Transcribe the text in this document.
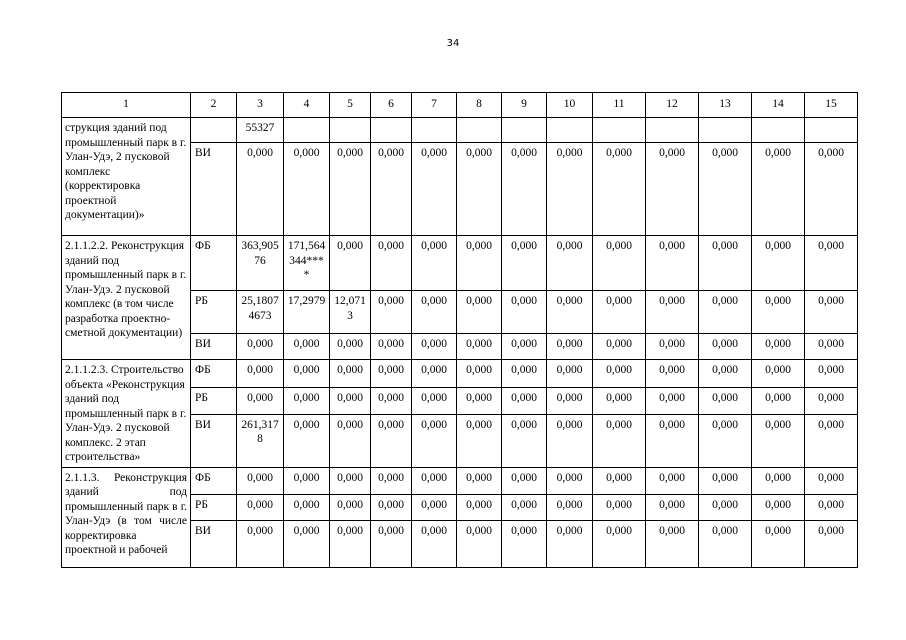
34
1	2	3	4	5	6	7	8	9	10	11	12	13	14	15
струкция зданий под промышленный парк в г. Улан-Удэ, 2 пусковой комплекс (корректировка проектной документации)»		55327												
	ВИ	0,000	0,000	0,000	0,000	0,000	0,000	0,000	0,000	0,000	0,000	0,000	0,000	0,000
2.1.1.2.2. Реконструкция зданий под промышленный парк в г. Улан-Удэ. 2 пусковой комплекс (в том числе разработка проектно-сметной документации)	ФБ	363,90576	171,564344****	0,000	0,000	0,000	0,000	0,000	0,000	0,000	0,000	0,000	0,000	0,000
	РБ	25,18074673	17,2979	12,0713	0,000	0,000	0,000	0,000	0,000	0,000	0,000	0,000	0,000	0,000
	ВИ	0,000	0,000	0,000	0,000	0,000	0,000	0,000	0,000	0,000	0,000	0,000	0,000	0,000
2.1.1.2.3. Строительство объекта «Реконструкция зданий под промышленный парк в г. Улан-Удэ. 2 пусковой комплекс. 2 этап строительства»	ФБ	0,000	0,000	0,000	0,000	0,000	0,000	0,000	0,000	0,000	0,000	0,000	0,000	0,000
	РБ	0,000	0,000	0,000	0,000	0,000	0,000	0,000	0,000	0,000	0,000	0,000	0,000	0,000
	ВИ	261,3178	0,000	0,000	0,000	0,000	0,000	0,000	0,000	0,000	0,000	0,000	0,000	0,000
2.1.1.3. Реконструкция зданий под промышленный парк в г. Улан-Удэ (в том числе корректировка проектной и рабочей	ФБ	0,000	0,000	0,000	0,000	0,000	0,000	0,000	0,000	0,000	0,000	0,000	0,000	0,000
	РБ	0,000	0,000	0,000	0,000	0,000	0,000	0,000	0,000	0,000	0,000	0,000	0,000	0,000
	ВИ	0,000	0,000	0,000	0,000	0,000	0,000	0,000	0,000	0,000	0,000	0,000	0,000	0,000
